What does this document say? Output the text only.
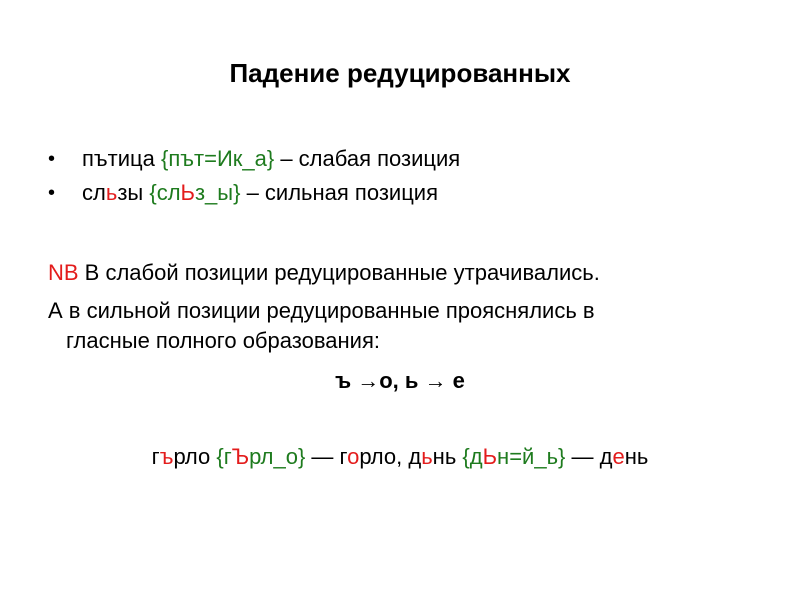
Падение редуцированных
• пътица {път=Ик_а} – слабая позиция
• сльзы {слЬз_ы} – сильная позиция
NB В слабой позиции редуцированные утрачивались.
А в сильной позиции редуцированные прояснялись в
гласные полного образования:
ъ →о, ь → е
гърло {гЪрл_о} — горло, дьнь {дЬн=й_ь} — день
